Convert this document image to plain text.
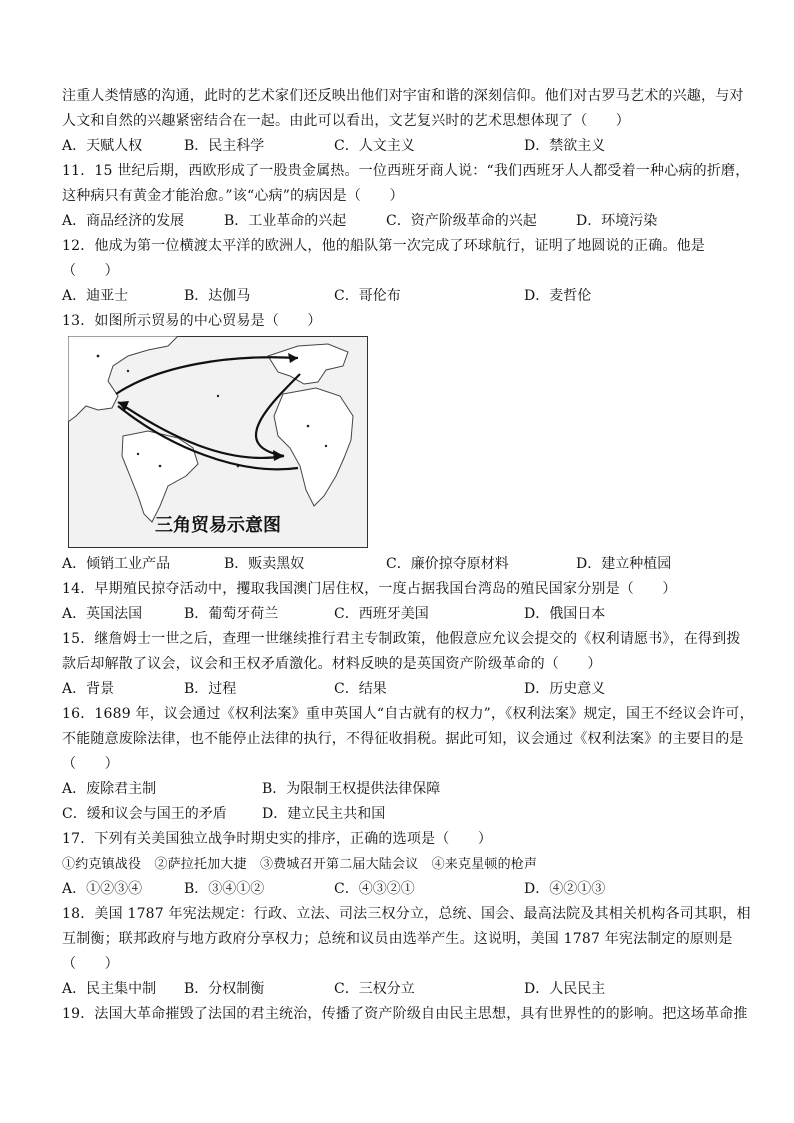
注重人类情感的沟通，此时的艺术家们还反映出他们对宇宙和谐的深刻信仰。他们对古罗马艺术的兴趣，与对
人文和自然的兴趣紧密结合在一起。由此可以看出，文艺复兴时的艺术思想体现了（　　）
A．天赋人权	B．民主科学	C．人文主义	D．禁欲主义
11．15 世纪后期，西欧形成了一股贵金属热。一位西班牙商人说：“我们西班牙人人都受着一种心病的折磨，
这种病只有黄金才能治愈。”该“心病”的病因是（　　）
A．商品经济的发展	B．工业革命的兴起	C．资产阶级革命的兴起	D．环境污染
12．他成为第一位横渡太平洋的欧洲人，他的船队第一次完成了环球航行，证明了地圆说的正确。他是
（　　）
A．迪亚士	B．达伽马	C．哥伦布	D．麦哲伦
13．如图所示贸易的中心贸易是（　　）
三角贸易示意图
A．倾销工业产品	B．贩卖黑奴	C．廉价掠夺原材料	D．建立种植园
14．早期殖民掠夺活动中，攫取我国澳门居住权，一度占据我国台湾岛的殖民国家分别是（　　）
A．英国法国	B．葡萄牙荷兰	C．西班牙美国	D．俄国日本
15．继詹姆士一世之后，查理一世继续推行君主专制政策，他假意应允议会提交的《权利请愿书》，在得到拨
款后却解散了议会，议会和王权矛盾激化。材料反映的是英国资产阶级革命的（　　）
A．背景	B．过程	C．结果	D．历史意义
16．1689 年，议会通过《权利法案》重申英国人“自古就有的权力”，《权利法案》规定，国王不经议会许可，
不能随意废除法律，也不能停止法律的执行，不得征收捐税。据此可知，议会通过《权利法案》的主要目的是
（　　）
A．废除君主制	B．为限制王权提供法律保障
C．缓和议会与国王的矛盾	D．建立民主共和国
17．下列有关美国独立战争时期史实的排序，正确的选项是（　　）
①约克镇战役　②萨拉托加大捷　③费城召开第二届大陆会议　④来克星顿的枪声
A．①②③④	B．③④①②	C．④③②①	D．④②①③
18．美国 1787 年宪法规定：行政、立法、司法三权分立，总统、国会、最高法院及其相关机构各司其职，相
互制衡；联邦政府与地方政府分享权力；总统和议员由选举产生。这说明，美国 1787 年宪法制定的原则是
（　　）
A．民主集中制	B．分权制衡	C．三权分立	D．人民民主
19．法国大革命摧毁了法国的君主统治，传播了资产阶级自由民主思想，具有世界性的的影响。把这场革命推
